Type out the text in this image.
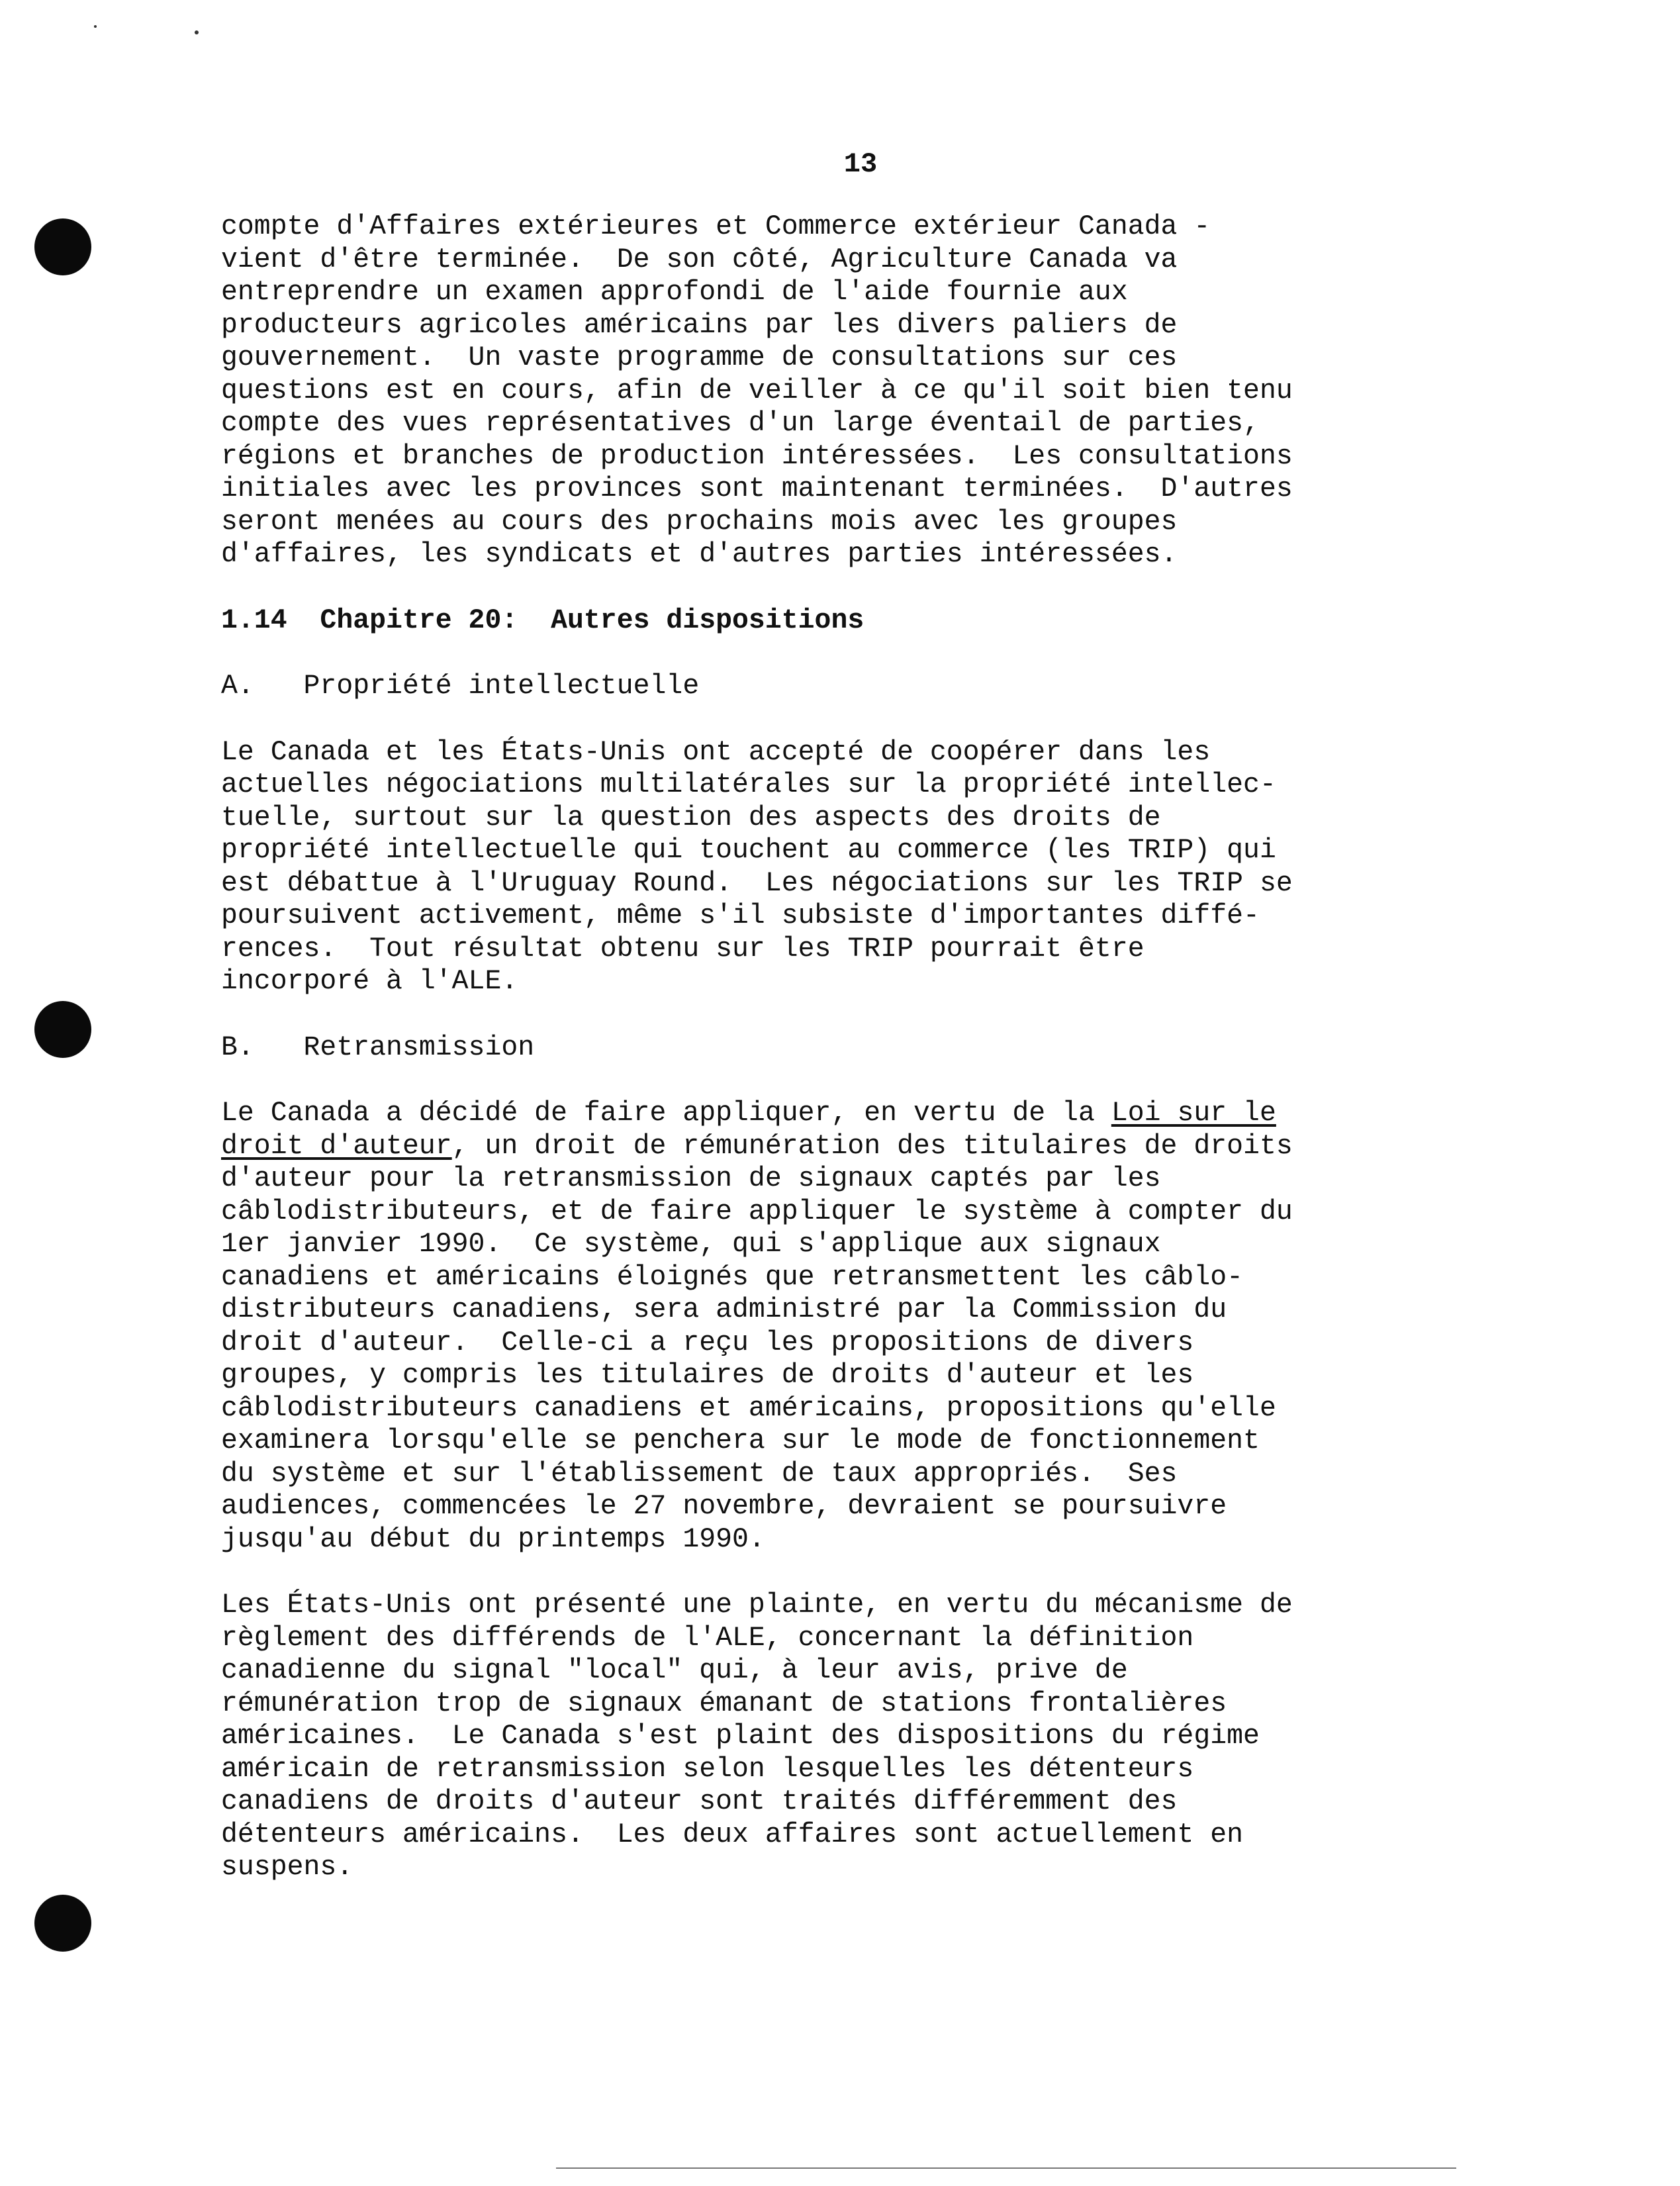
13

compte d'Affaires extérieures et Commerce extérieur Canada -
vient d'être terminée.  De son côté, Agriculture Canada va
entreprendre un examen approfondi de l'aide fournie aux
producteurs agricoles américains par les divers paliers de
gouvernement.  Un vaste programme de consultations sur ces
questions est en cours, afin de veiller à ce qu'il soit bien tenu
compte des vues représentatives d'un large éventail de parties,
régions et branches de production intéressées.  Les consultations
initiales avec les provinces sont maintenant terminées.  D'autres
seront menées au cours des prochains mois avec les groupes
d'affaires, les syndicats et d'autres parties intéressées.

1.14  Chapitre 20:  Autres dispositions

A.   Propriété intellectuelle

Le Canada et les États-Unis ont accepté de coopérer dans les
actuelles négociations multilatérales sur la propriété intellec-
tuelle, surtout sur la question des aspects des droits de
propriété intellectuelle qui touchent au commerce (les TRIP) qui
est débattue à l'Uruguay Round.  Les négociations sur les TRIP se
poursuivent activement, même s'il subsiste d'importantes diffé-
rences.  Tout résultat obtenu sur les TRIP pourrait être
incorporé à l'ALE.

B.   Retransmission

Le Canada a décidé de faire appliquer, en vertu de la Loi sur le
droit d'auteur, un droit de rémunération des titulaires de droits
d'auteur pour la retransmission de signaux captés par les
câblodistributeurs, et de faire appliquer le système à compter du
1er janvier 1990.  Ce système, qui s'applique aux signaux
canadiens et américains éloignés que retransmettent les câblo-
distributeurs canadiens, sera administré par la Commission du
droit d'auteur.  Celle-ci a reçu les propositions de divers
groupes, y compris les titulaires de droits d'auteur et les
câblodistributeurs canadiens et américains, propositions qu'elle
examinera lorsqu'elle se penchera sur le mode de fonctionnement
du système et sur l'établissement de taux appropriés.  Ses
audiences, commencées le 27 novembre, devraient se poursuivre
jusqu'au début du printemps 1990.

Les États-Unis ont présenté une plainte, en vertu du mécanisme de
règlement des différends de l'ALE, concernant la définition
canadienne du signal "local" qui, à leur avis, prive de
rémunération trop de signaux émanant de stations frontalières
américaines.  Le Canada s'est plaint des dispositions du régime
américain de retransmission selon lesquelles les détenteurs
canadiens de droits d'auteur sont traités différemment des
détenteurs américains.  Les deux affaires sont actuellement en
suspens.
